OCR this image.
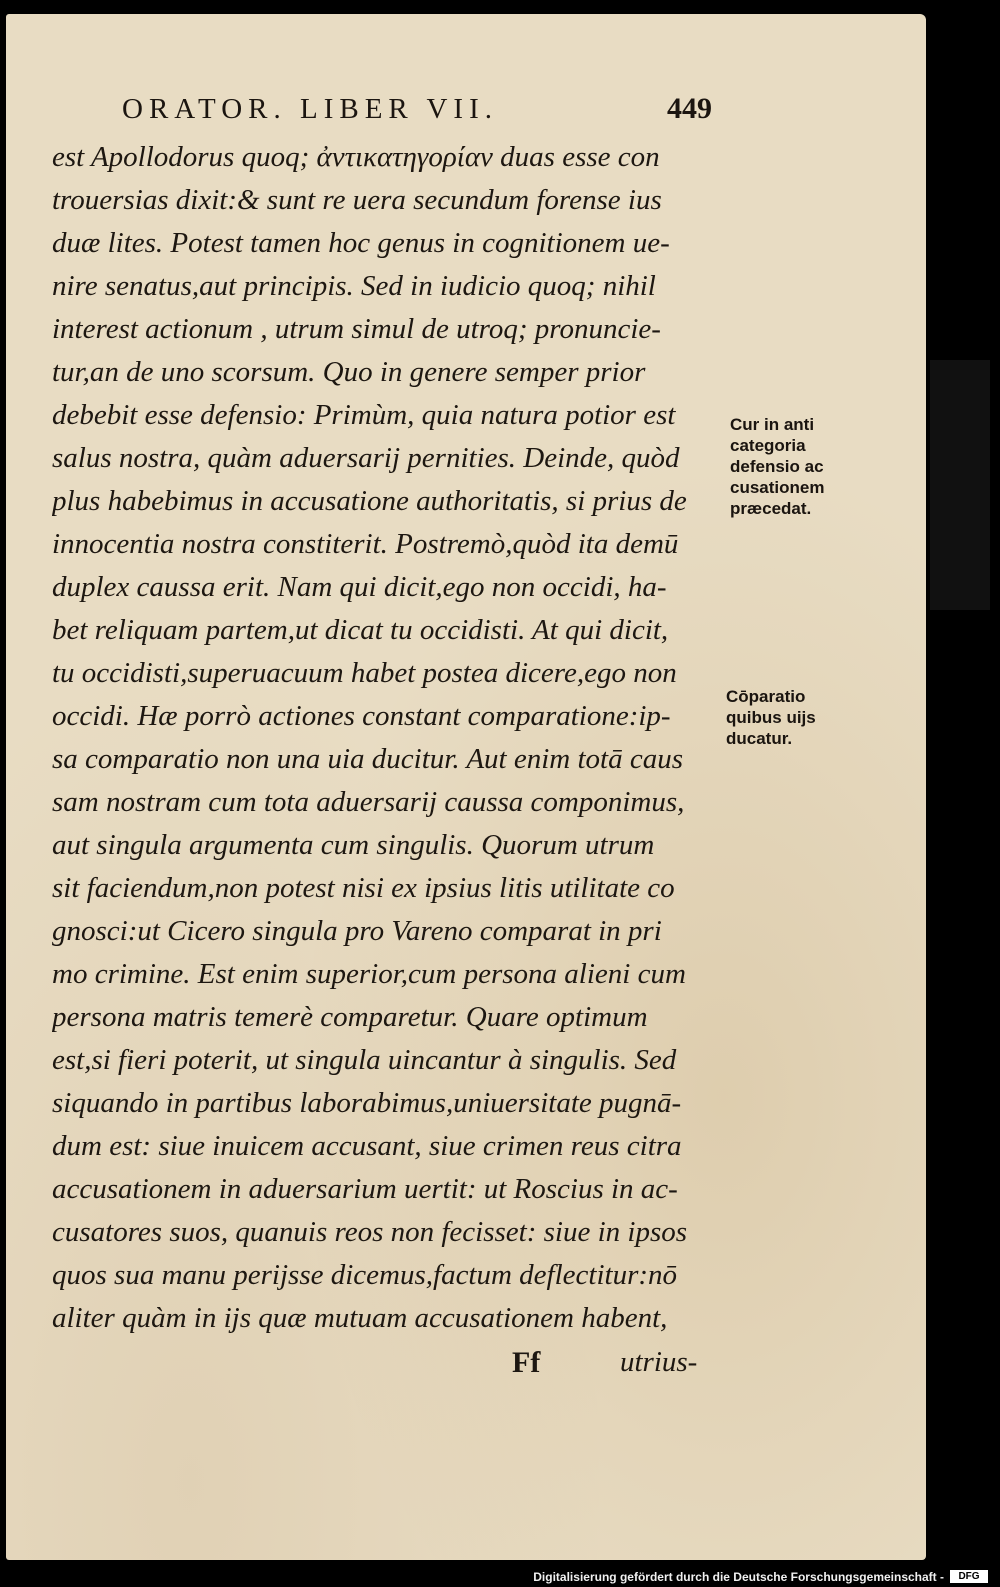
ORATOR. LIBER VII.	449
est Apollodorus quoq; ἀντικατηγορίαν duas esse con
trouersias dixit:& sunt re uera secundum forense ius
duæ lites. Potest tamen hoc genus in cognitionem ue-
nire senatus,aut principis. Sed in iudicio quoq; nihil
interest actionum , utrum simul de utroq; pronuncie-
tur,an de uno scorsum. Quo in genere semper prior
debebit esse defensio: Primùm, quia natura potior est
salus nostra, quàm aduersarij pernities. Deinde, quòd
plus habebimus in accusatione authoritatis, si prius de
innocentia nostra constiterit. Postremò,quòd ita demū
duplex caussa erit. Nam qui dicit,ego non occidi, ha-
bet reliquam partem,ut dicat tu occidisti. At qui dicit,
tu occidisti,superuacuum habet postea dicere,ego non
occidi. Hæ porrò actiones constant comparatione:ip-
sa comparatio non una uia ducitur. Aut enim totā caus
sam nostram cum tota aduersarij caussa componimus,
aut singula argumenta cum singulis. Quorum utrum
sit faciendum,non potest nisi ex ipsius litis utilitate co
gnosci:ut Cicero singula pro Vareno comparat in pri
mo crimine. Est enim superior,cum persona alieni cum
persona matris temerè comparetur. Quare optimum
est,si fieri poterit, ut singula uincantur à singulis. Sed
siquando in partibus laborabimus,uniuersitate pugnā-
dum est: siue inuicem accusant, siue crimen reus citra
accusationem in aduersarium uertit: ut Roscius in ac-
cusatores suos, quanuis reos non fecisset: siue in ipsos
quos sua manu perijsse dicemus,factum deflectitur:nō
aliter quàm in ijs quæ mutuam accusationem habent,
Cur in anti
categoria
defensio ac
cusationem
præcedat.
Cōparatio
quibus uijs
ducatur.
Ff	utrius-
Digitalisierung gefördert durch die Deutsche Forschungsgemeinschaft -	DFG
